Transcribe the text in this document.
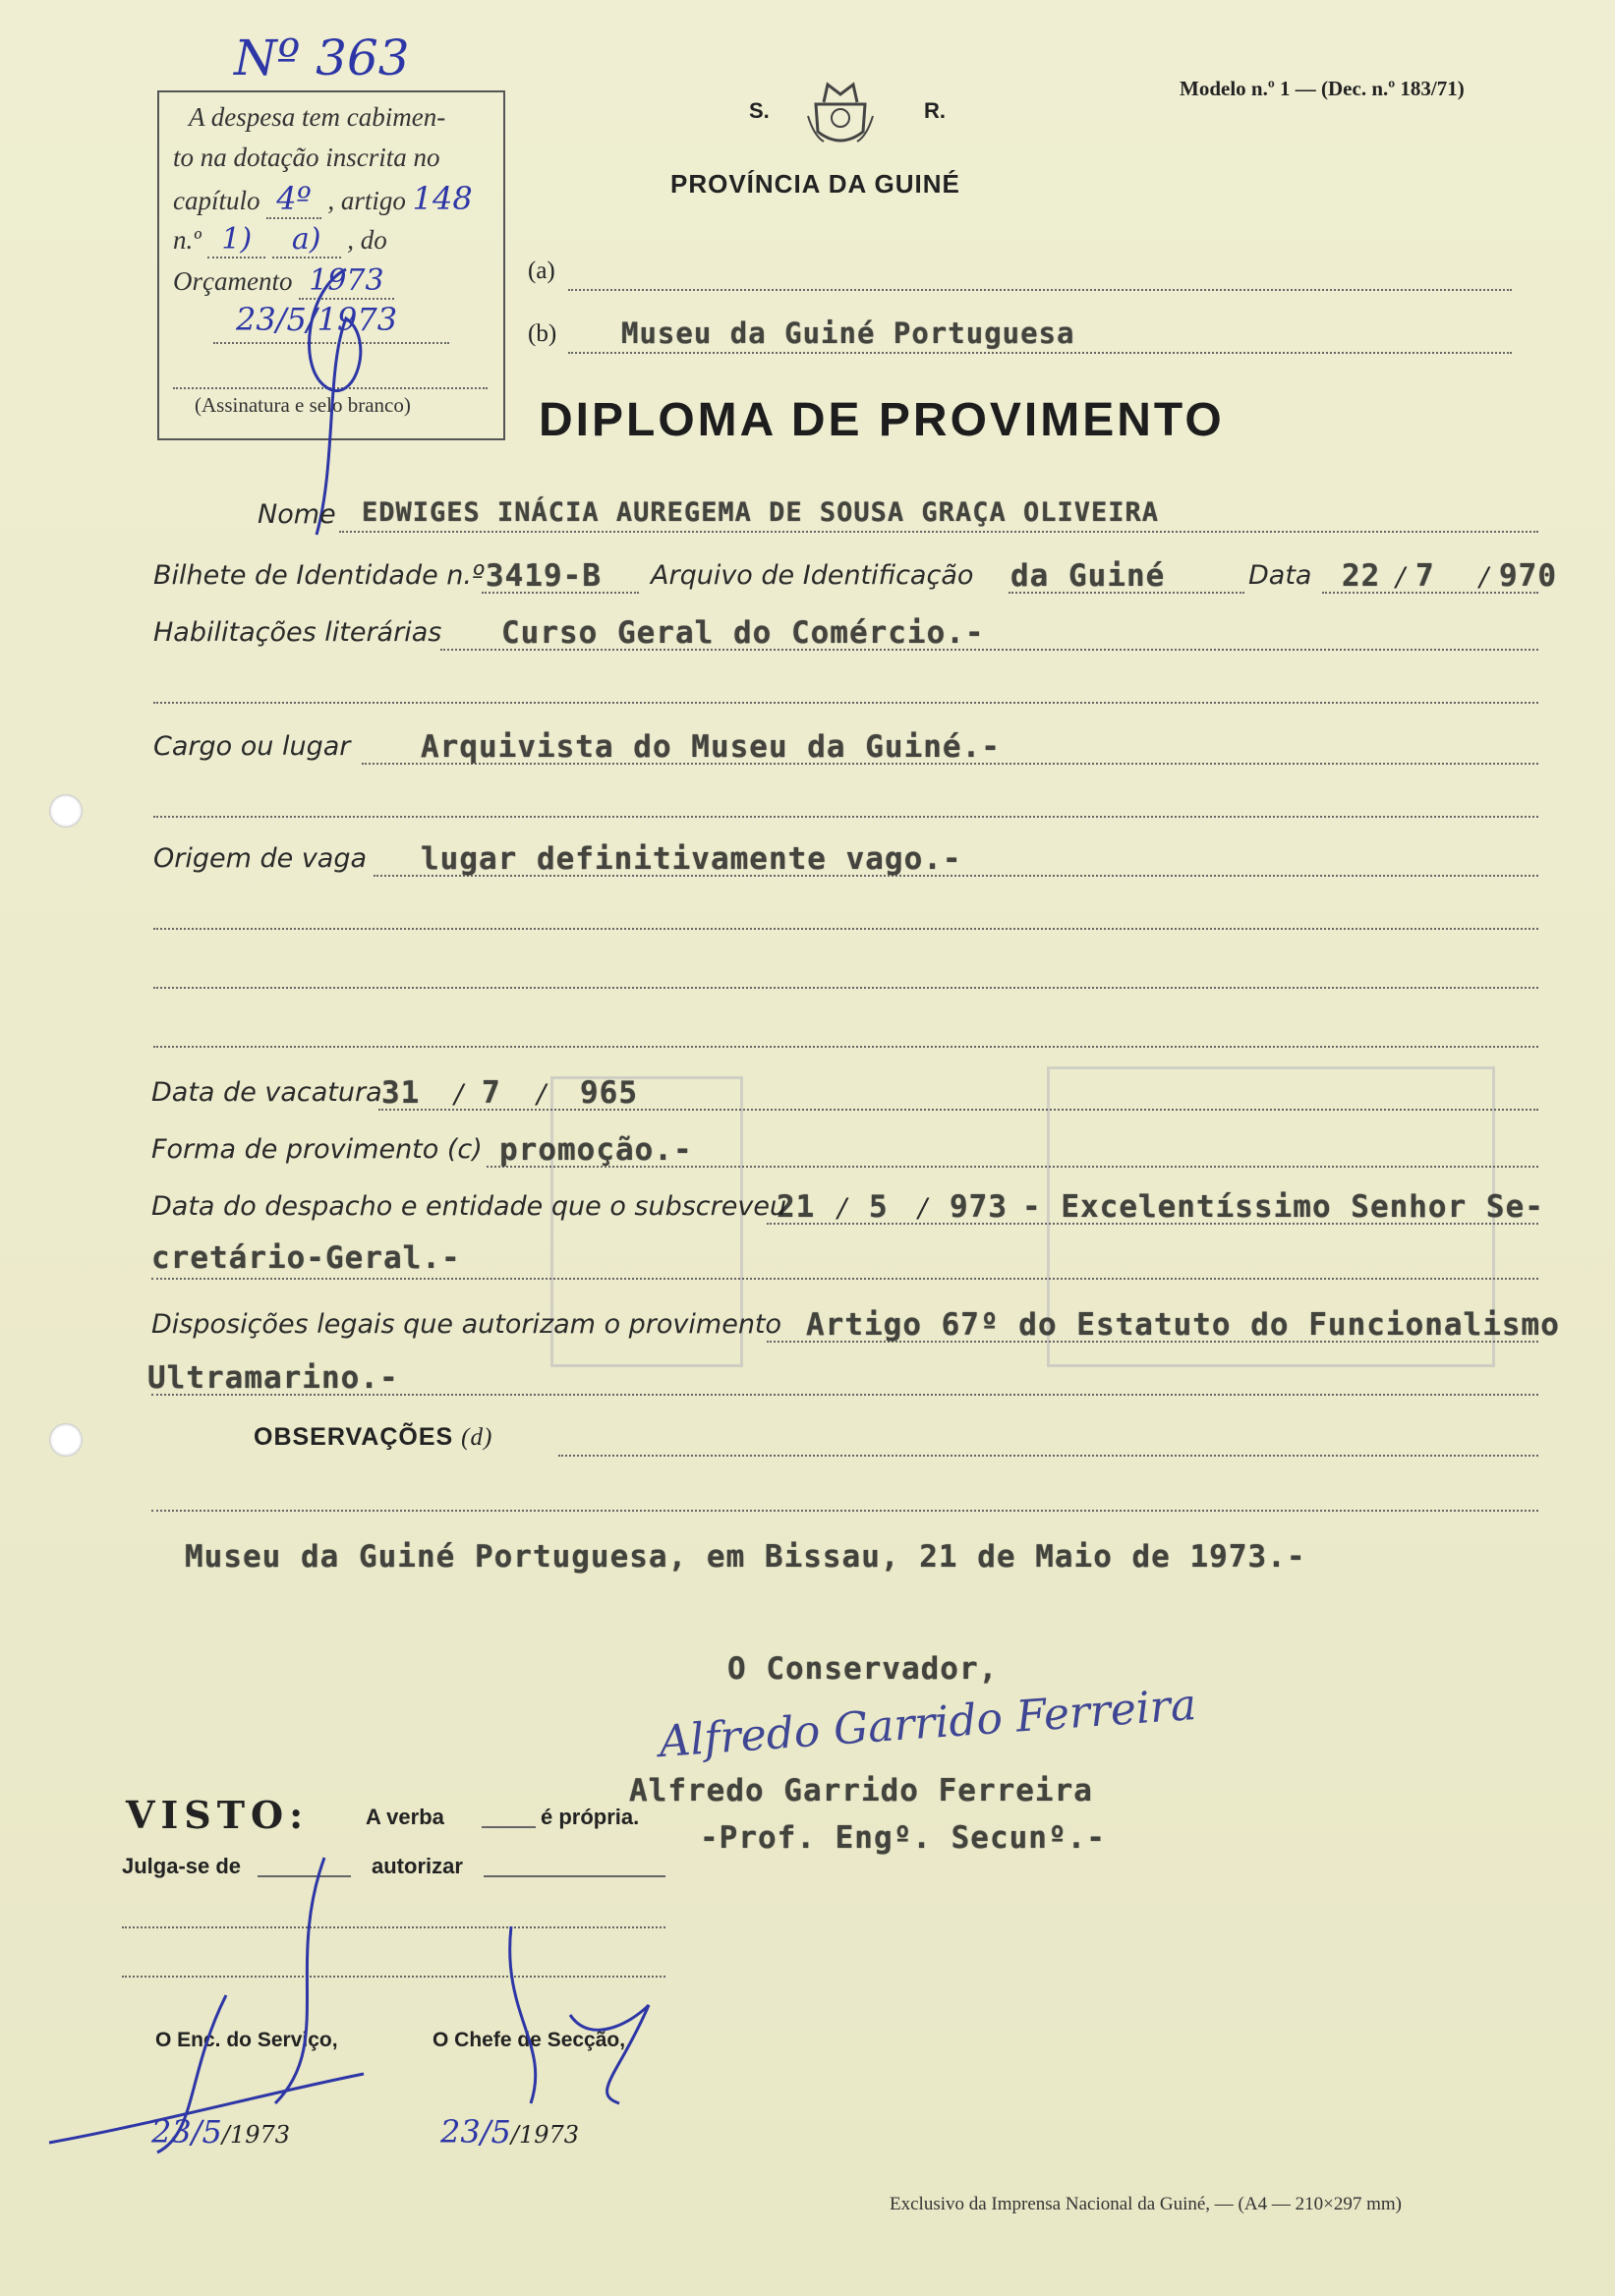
Nº 363
A despesa tem cabimen-
to na dotação inscrita no
capítulo 4º , artigo 148
n.º 1) a) , do
Orçamento 1973
23/5/1973
(Assinatura e selo branco)
S.	R.
PROVÍNCIA DA GUINÉ
Modelo n.º 1 — (Dec. n.º 183/71)
(a)
(b) Museu da Guiné Portuguesa
DIPLOMA DE PROVIMENTO
Nome EDWIGES INÁCIA AUREGEMA DE SOUSA GRAÇA OLIVEIRA
Bilhete de Identidade n.º 3419-B Arquivo de Identificação da Guiné	Data 22 / 7 / 970
Habilitações literárias Curso Geral do Comércio.-
Cargo ou lugar Arquivista do Museu da Guiné.-
Origem de vaga lugar definitivamente vago.-
Data de vacatura 31 / 7 / 965
Forma de provimento (c) promoção.-
Data do despacho e entidade que o subscreveu
21 / 5 / 973 - Excelentíssimo Senhor Se-
cretário-Geral.-
Disposições legais que autorizam o provimento Artigo 67º do Estatuto do Funcionalismo
Ultramarino.-
OBSERVAÇÕES (d)
Museu da Guiné Portuguesa, em Bissau, 21 de Maio de 1973.-
O Conservador,
Alfredo Garrido Ferreira
Alfredo Garrido Ferreira
-Prof. Engº. Secunº.-
VISTO:	A verba	é própria.
Julga-se de	autorizar
O Enc. do Serviço,	O Chefe de Secção,
23/5/1973	23/5/1973
Exclusivo da Imprensa Nacional da Guiné, — (A4 — 210×297 mm)
